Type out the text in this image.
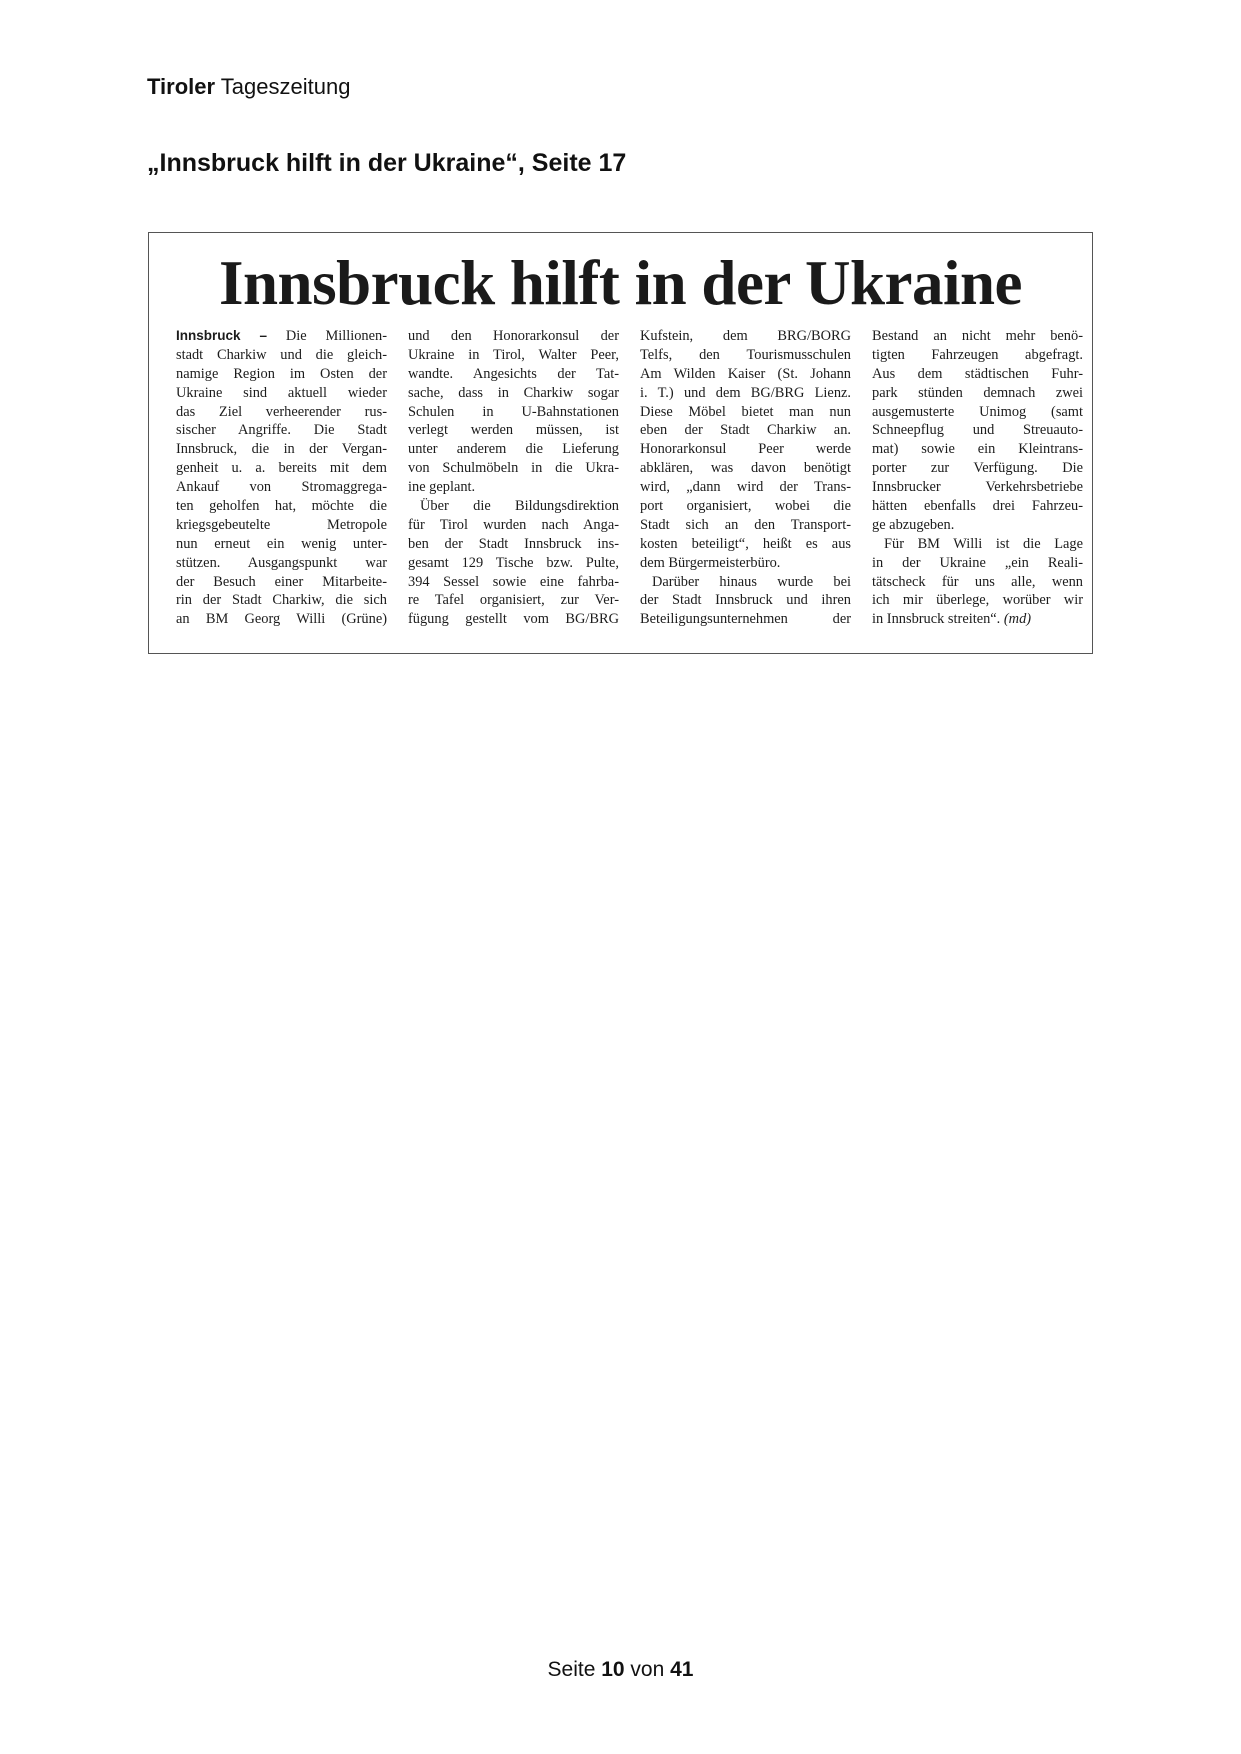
Tiroler Tageszeitung
„Innsbruck hilft in der Ukraine“, Seite 17
Innsbruck hilft in der Ukraine
Innsbruck – Die Millionen-
stadt Charkiw und die gleich-
namige Region im Osten der
Ukraine sind aktuell wieder
das Ziel verheerender rus-
sischer Angriffe. Die Stadt
Innsbruck, die in der Vergan-
genheit u. a. bereits mit dem
Ankauf von Stromaggrega-
ten geholfen hat, möchte die
kriegsgebeutelte Metropole
nun erneut ein wenig unter-
stützen. Ausgangspunkt war
der Besuch einer Mitarbeite-
rin der Stadt Charkiw, die sich
an BM Georg Willi (Grüne)
und den Honorarkonsul der
Ukraine in Tirol, Walter Peer,
wandte. Angesichts der Tat-
sache, dass in Charkiw sogar
Schulen in U-Bahnstationen
verlegt werden müssen, ist
unter anderem die Lieferung
von Schulmöbeln in die Ukra-
ine geplant.
Über die Bildungsdirektion
für Tirol wurden nach Anga-
ben der Stadt Innsbruck ins-
gesamt 129 Tische bzw. Pulte,
394 Sessel sowie eine fahrba-
re Tafel organisiert, zur Ver-
fügung gestellt vom BG/BRG
Kufstein, dem BRG/BORG
Telfs, den Tourismusschulen
Am Wilden Kaiser (St. Johann
i. T.) und dem BG/BRG Lienz.
Diese Möbel bietet man nun
eben der Stadt Charkiw an.
Honorarkonsul Peer werde
abklären, was davon benötigt
wird, „dann wird der Trans-
port organisiert, wobei die
Stadt sich an den Transport-
kosten beteiligt“, heißt es aus
dem Bürgermeisterbüro.
Darüber hinaus wurde bei
der Stadt Innsbruck und ihren
Beteiligungsunternehmen der
Bestand an nicht mehr benö-
tigten Fahrzeugen abgefragt.
Aus dem städtischen Fuhr-
park stünden demnach zwei
ausgemusterte Unimog (samt
Schneepflug und Streuauto-
mat) sowie ein Kleintrans-
porter zur Verfügung. Die
Innsbrucker Verkehrsbetriebe
hätten ebenfalls drei Fahrzeu-
ge abzugeben.
Für BM Willi ist die Lage
in der Ukraine „ein Reali-
tätscheck für uns alle, wenn
ich mir überlege, worüber wir
in Innsbruck streiten“. (md)
Seite 10 von 41
